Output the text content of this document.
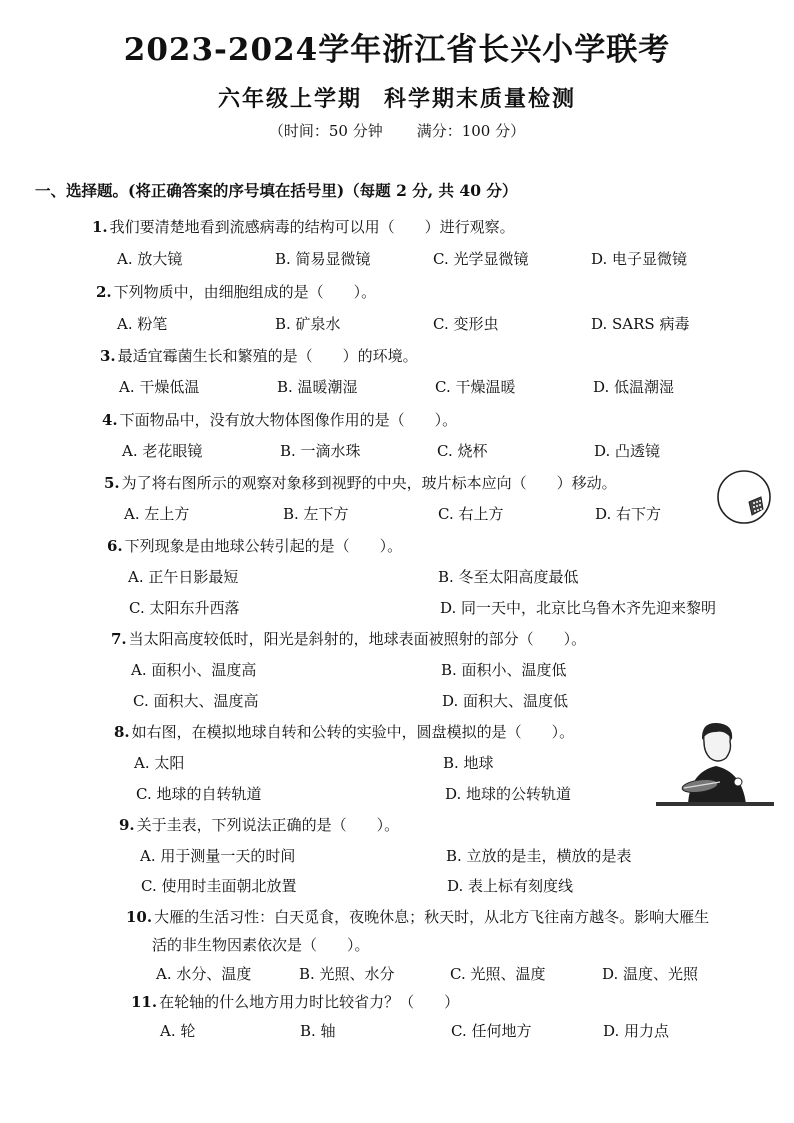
2023-2024学年浙江省长兴小学联考
六年级上学期 科学期末质量检测
（时间：50 分钟 满分：100 分）
一、选择题。(将正确答案的序号填在括号里)（每题 2 分, 共 40 分）
1. 我们要清楚地看到流感病毒的结构可以用（　　）进行观察。
A. 放大镜	B. 简易显微镜	C. 光学显微镜	D. 电子显微镜
2. 下列物质中，由细胞组成的是（　　）。
A. 粉笔	B. 矿泉水	C. 变形虫	D. SARS 病毒
3. 最适宜霉菌生长和繁殖的是（　　）的环境。
A. 干燥低温	B. 温暖潮湿	C. 干燥温暖	D. 低温潮湿
4. 下面物品中，没有放大物体图像作用的是（　　）。
A. 老花眼镜	B. 一滴水珠	C. 烧杯	D. 凸透镜
5. 为了将右图所示的观察对象移到视野的中央，玻片标本应向（　　）移动。
A. 左上方	B. 左下方	C. 右上方	D. 右下方
6. 下列现象是由地球公转引起的是（　　）。
A. 正午日影最短	B. 冬至太阳高度最低
C. 太阳东升西落	D. 同一天中，北京比乌鲁木齐先迎来黎明
7. 当太阳高度较低时，阳光是斜射的，地球表面被照射的部分（　　）。
A. 面积小、温度高	B. 面积小、温度低
C. 面积大、温度高	D. 面积大、温度低
8. 如右图，在模拟地球自转和公转的实验中，圆盘模拟的是（　　）。
A. 太阳	B. 地球
C. 地球的自转轨道	D. 地球的公转轨道
9. 关于圭表，下列说法正确的是（　　）。
A. 用于测量一天的时间	B. 立放的是圭，横放的是表
C. 使用时圭面朝北放置	D. 表上标有刻度线
10. 大雁的生活习性：白天觅食，夜晚休息；秋天时，从北方飞往南方越冬。影响大雁生
活的非生物因素依次是（　　）。
A. 水分、温度	B. 光照、水分	C. 光照、温度	D. 温度、光照
11. 在轮轴的什么地方用力时比较省力？（　　）
A. 轮	B. 轴	C. 任何地方	D. 用力点
